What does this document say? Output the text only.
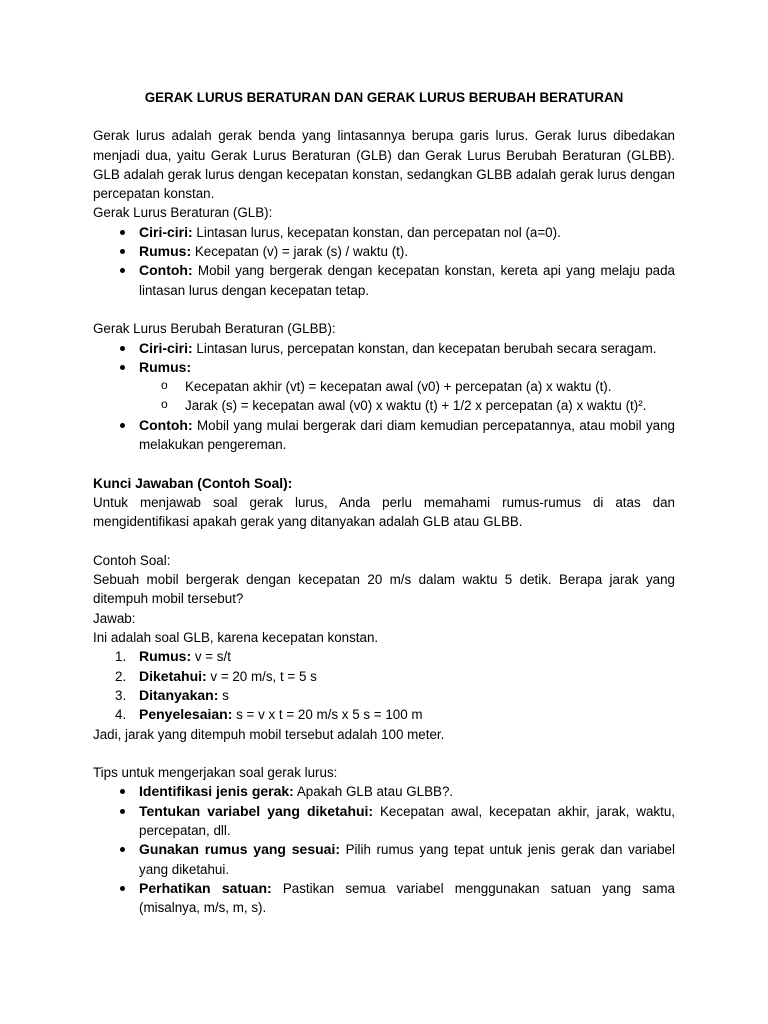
GERAK LURUS BERATURAN DAN GERAK LURUS BERUBAH BERATURAN

Gerak lurus adalah gerak benda yang lintasannya berupa garis lurus. Gerak lurus dibedakan menjadi dua, yaitu Gerak Lurus Beraturan (GLB) dan Gerak Lurus Berubah Beraturan (GLBB). GLB adalah gerak lurus dengan kecepatan konstan, sedangkan GLBB adalah gerak lurus dengan percepatan konstan.

Gerak Lurus Beraturan (GLB):

Ciri-ciri: Lintasan lurus, kecepatan konstan, dan percepatan nol (a=0).
Rumus: Kecepatan (v) = jarak (s) / waktu (t).
Contoh: Mobil yang bergerak dengan kecepatan konstan, kereta api yang melaju pada lintasan lurus dengan kecepatan tetap.

Gerak Lurus Berubah Beraturan (GLBB):

Ciri-ciri: Lintasan lurus, percepatan konstan, dan kecepatan berubah secara seragam.
Rumus:
o Kecepatan akhir (vt) = kecepatan awal (v0) + percepatan (a) x waktu (t).
o Jarak (s) = kecepatan awal (v0) x waktu (t) + 1/2 x percepatan (a) x waktu (t)².
Contoh: Mobil yang mulai bergerak dari diam kemudian percepatannya, atau mobil yang melakukan pengereman.

Kunci Jawaban (Contoh Soal):

Untuk menjawab soal gerak lurus, Anda perlu memahami rumus-rumus di atas dan mengidentifikasi apakah gerak yang ditanyakan adalah GLB atau GLBB.

Contoh Soal:

Sebuah mobil bergerak dengan kecepatan 20 m/s dalam waktu 5 detik. Berapa jarak yang ditempuh mobil tersebut?

Jawab:

Ini adalah soal GLB, karena kecepatan konstan.

1. Rumus: v = s/t
2. Diketahui: v = 20 m/s, t = 5 s
3. Ditanyakan: s
4. Penyelesaian: s = v x t = 20 m/s x 5 s = 100 m

Jadi, jarak yang ditempuh mobil tersebut adalah 100 meter.

Tips untuk mengerjakan soal gerak lurus:

Identifikasi jenis gerak: Apakah GLB atau GLBB?.
Tentukan variabel yang diketahui: Kecepatan awal, kecepatan akhir, jarak, waktu, percepatan, dll.
Gunakan rumus yang sesuai: Pilih rumus yang tepat untuk jenis gerak dan variabel yang diketahui.
Perhatikan satuan: Pastikan semua variabel menggunakan satuan yang sama (misalnya, m/s, m, s).
